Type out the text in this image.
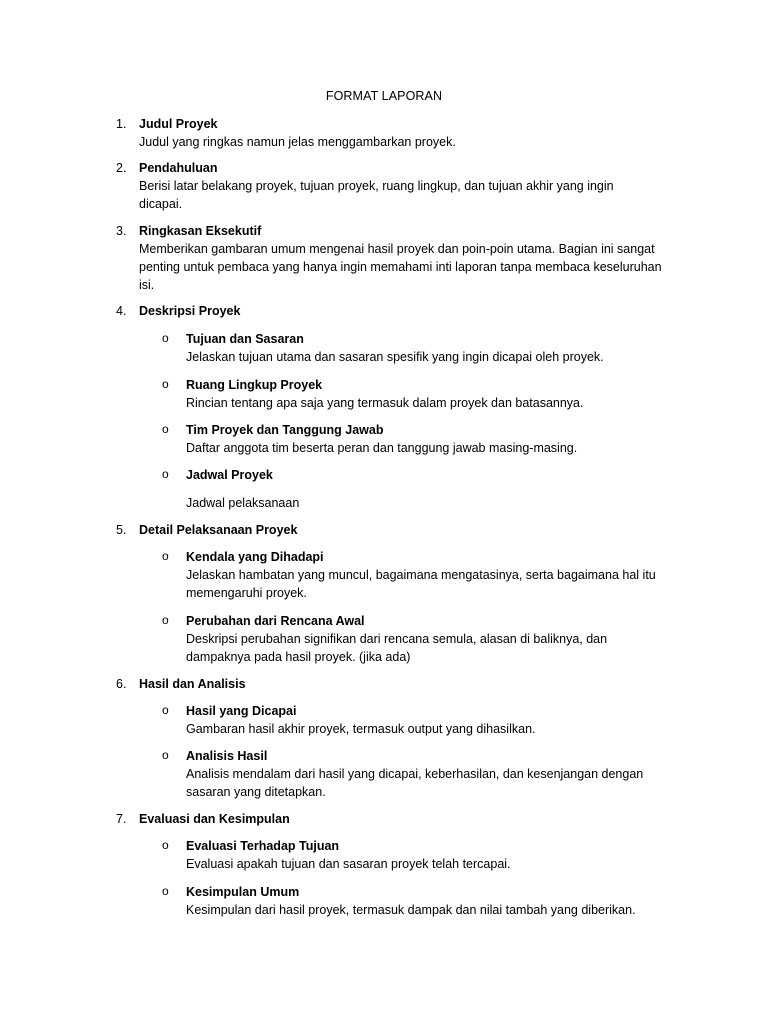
FORMAT LAPORAN
1.	Judul Proyek
Judul yang ringkas namun jelas menggambarkan proyek.
2.	Pendahuluan
Berisi latar belakang proyek, tujuan proyek, ruang lingkup, dan tujuan akhir yang ingin dicapai.
3.	Ringkasan Eksekutif
Memberikan gambaran umum mengenai hasil proyek dan poin-poin utama. Bagian ini sangat penting untuk pembaca yang hanya ingin memahami inti laporan tanpa membaca keseluruhan isi.
4.	Deskripsi Proyek
o	Tujuan dan Sasaran
Jelaskan tujuan utama dan sasaran spesifik yang ingin dicapai oleh proyek.
o	Ruang Lingkup Proyek
Rincian tentang apa saja yang termasuk dalam proyek dan batasannya.
o	Tim Proyek dan Tanggung Jawab
Daftar anggota tim beserta peran dan tanggung jawab masing-masing.
o	Jadwal Proyek
Jadwal pelaksanaan
5.	Detail Pelaksanaan Proyek
o	Kendala yang Dihadapi
Jelaskan hambatan yang muncul, bagaimana mengatasinya, serta bagaimana hal itu memengaruhi proyek.
o	Perubahan dari Rencana Awal
Deskripsi perubahan signifikan dari rencana semula, alasan di baliknya, dan dampaknya pada hasil proyek. (jika ada)
6.	Hasil dan Analisis
o	Hasil yang Dicapai
Gambaran hasil akhir proyek, termasuk output yang dihasilkan.
o	Analisis Hasil
Analisis mendalam dari hasil yang dicapai, keberhasilan, dan kesenjangan dengan sasaran yang ditetapkan.
7.	Evaluasi dan Kesimpulan
o	Evaluasi Terhadap Tujuan
Evaluasi apakah tujuan dan sasaran proyek telah tercapai.
o	Kesimpulan Umum
Kesimpulan dari hasil proyek, termasuk dampak dan nilai tambah yang diberikan.
